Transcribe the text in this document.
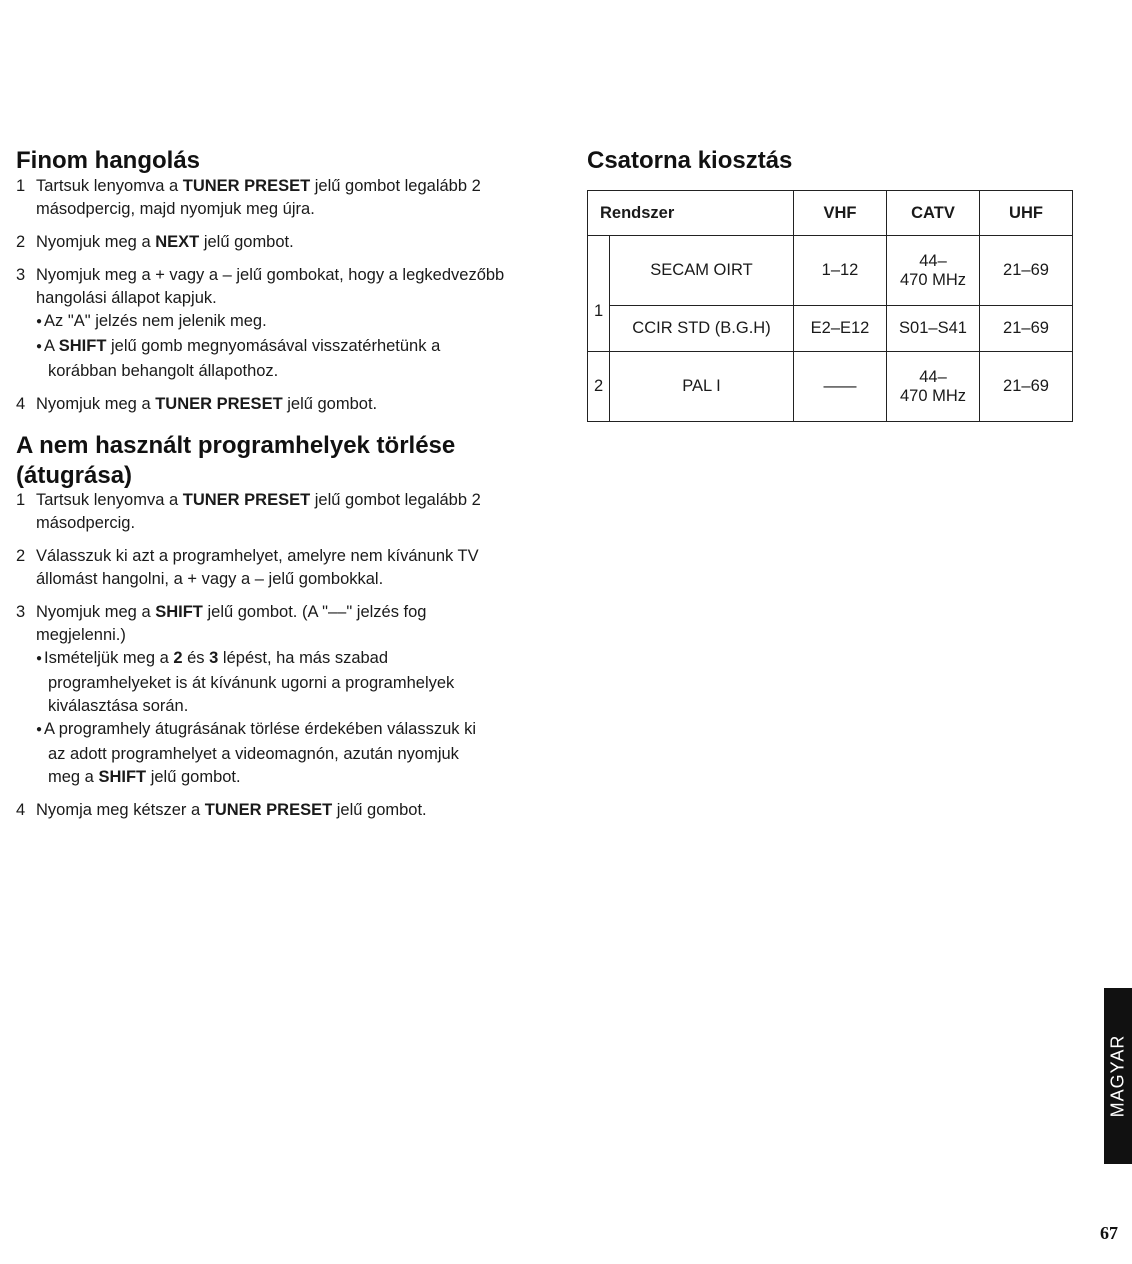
Finom hangolás
1 Tartsuk lenyomva a TUNER PRESET jelű gombot legalább 2 másodpercig, majd nyomjuk meg újra.
2 Nyomjuk meg a NEXT jelű gombot.
3 Nyomjuk meg a + vagy a – jelű gombokat, hogy a legkedvezőbb hangolási állapot kapjuk.
● Az "A" jelzés nem jelenik meg.
● A SHIFT jelű gomb megnyomásával visszatérhetünk a korábban behangolt állapothoz.
4 Nyomjuk meg a TUNER PRESET jelű gombot.
A nem használt programhelyek törlése (átugrása)
1 Tartsuk lenyomva a TUNER PRESET jelű gombot legalább 2 másodpercig.
2 Válasszuk ki azt a programhelyet, amelyre nem kívánunk TV állomást hangolni, a + vagy a – jelű gombokkal.
3 Nyomjuk meg a SHIFT jelű gombot. (A "––" jelzés fog megjelenni.)
● Ismételjük meg a 2 és 3 lépést, ha más szabad programhelyeket is át kívánunk ugorni a programhelyek kiválasztása során.
● A programhely átugrásának törlése érdekében válasszuk ki az adott programhelyet a videomagnón, azután nyomjuk meg a SHIFT jelű gombot.
4 Nyomja meg kétszer a TUNER PRESET jelű gombot.
Csatorna kiosztás
Rendszer		VHF	CATV	UHF
1	SECAM OIRT	1–12	44–
470 MHz	21–69
	CCIR STD (B.G.H)	E2–E12	S01–S41	21–69
2	PAL I	——	44–
470 MHz	21–69
MAGYAR
67
